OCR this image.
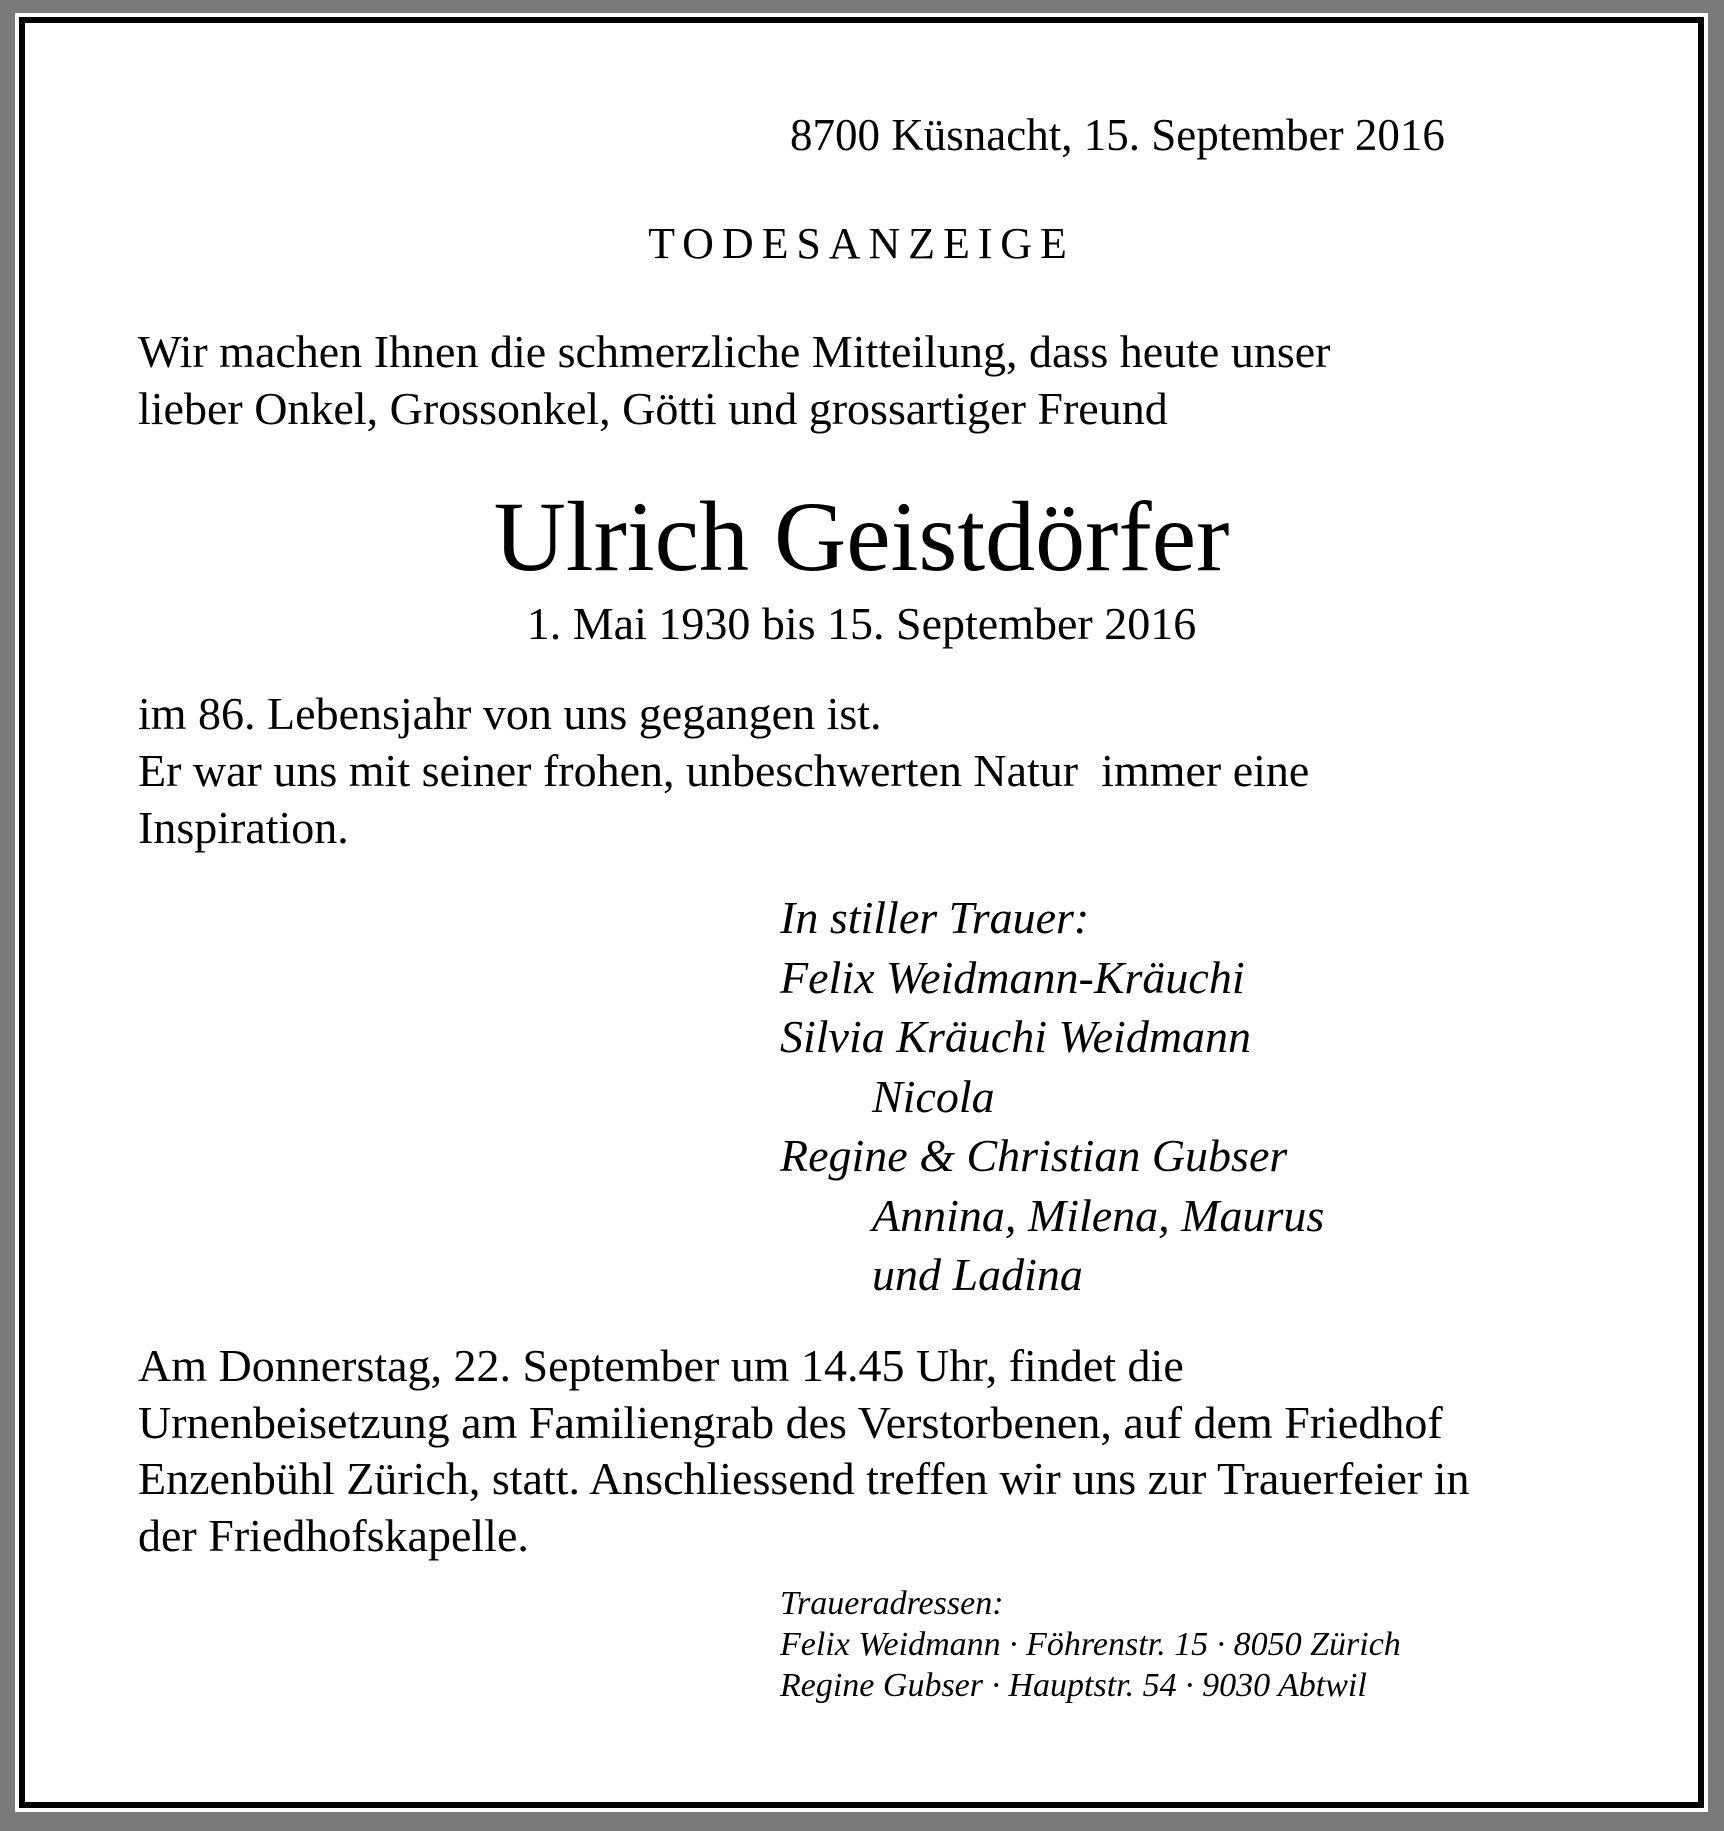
8700 Küsnacht, 15. September 2016
TODESANZEIGE
Wir machen Ihnen die schmerzliche Mitteilung, dass heute unser
lieber Onkel, Grossonkel, Götti und grossartiger Freund
Ulrich Geistdörfer
1. Mai 1930 bis 15. September 2016
im 86. Lebensjahr von uns gegangen ist.
Er war uns mit seiner frohen, unbeschwerten Natur  immer eine
Inspiration.
In stiller Trauer:
Felix Weidmann-Kräuchi
Silvia Kräuchi Weidmann
Nicola
Regine & Christian Gubser
Annina, Milena, Maurus
und Ladina
Am Donnerstag, 22. September um 14.45 Uhr, findet die
Urnenbeisetzung am Familiengrab des Verstorbenen, auf dem Friedhof
Enzenbühl Zürich, statt. Anschliessend treffen wir uns zur Trauerfeier in
der Friedhofskapelle.
Traueradressen:
Felix Weidmann · Föhrenstr. 15 · 8050 Zürich
Regine Gubser · Hauptstr. 54 · 9030 Abtwil
